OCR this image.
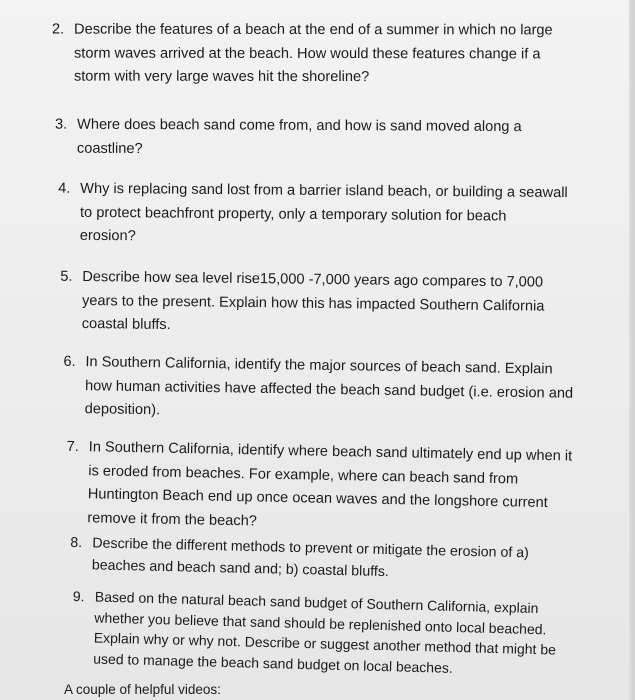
2. Describe the features of a beach at the end of a summer in which no large
storm waves arrived at the beach. How would these features change if a
storm with very large waves hit the shoreline?
3. Where does beach sand come from, and how is sand moved along a
coastline?
4. Why is replacing sand lost from a barrier island beach, or building a seawall
to protect beachfront property, only a temporary solution for beach
erosion?
5. Describe how sea level rise15,000 -7,000 years ago compares to 7,000
years to the present. Explain how this has impacted Southern California
coastal bluffs.
6. In Southern California, identify the major sources of beach sand. Explain
how human activities have affected the beach sand budget (i.e. erosion and
deposition).
7. In Southern California, identify where beach sand ultimately end up when it
is eroded from beaches. For example, where can beach sand from
Huntington Beach end up once ocean waves and the longshore current
remove it from the beach?
8. Describe the different methods to prevent or mitigate the erosion of a)
beaches and beach sand and; b) coastal bluffs.
9. Based on the natural beach sand budget of Southern California, explain
whether you believe that sand should be replenished onto local beached.
Explain why or why not. Describe or suggest another method that might be
used to manage the beach sand budget on local beaches.
A couple of helpful videos:
